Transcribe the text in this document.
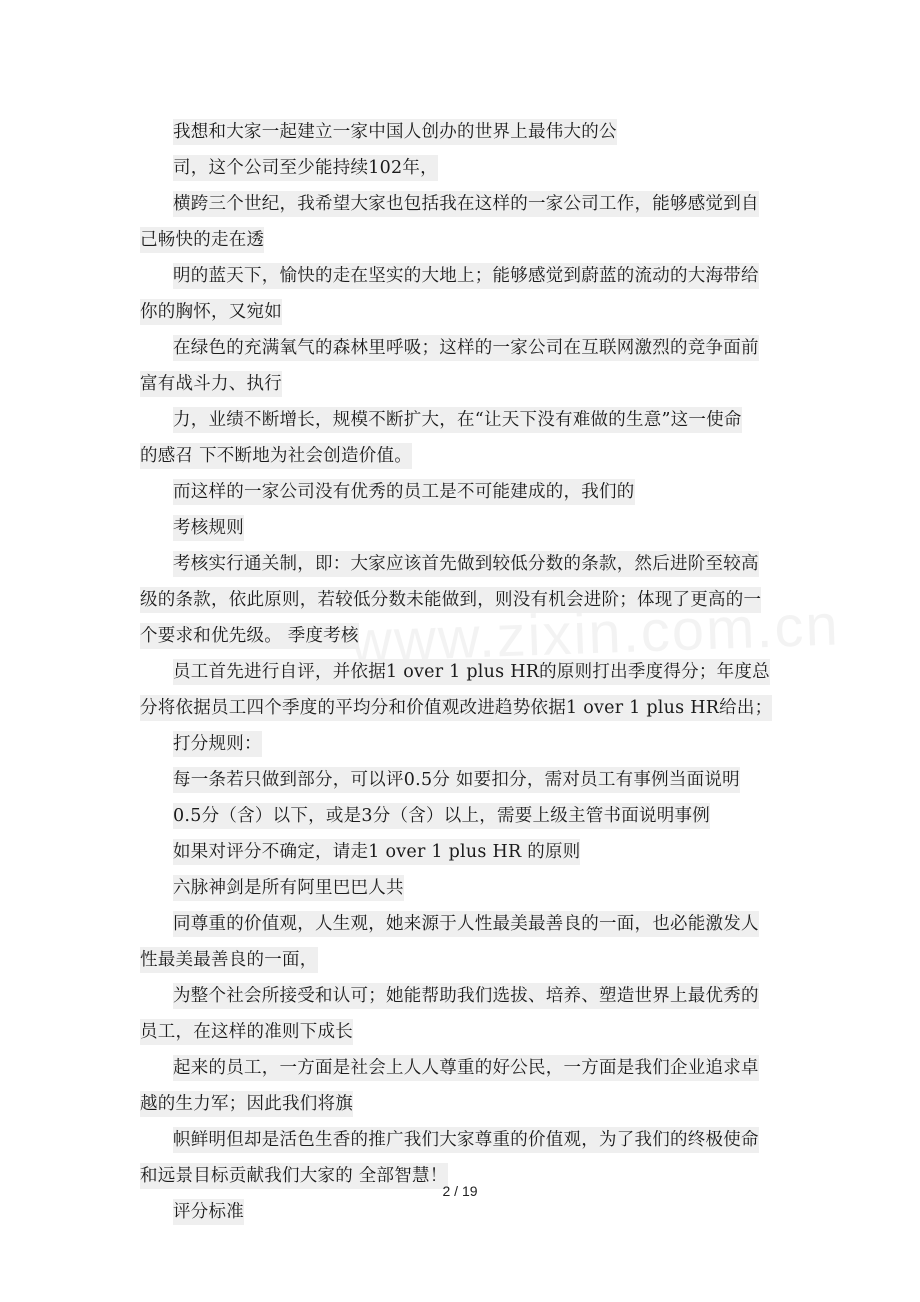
我想和大家一起建立一家中国人创办的世界上最伟大的公
司，这个公司至少能持续102年，
横跨三个世纪，我希望大家也包括我在这样的一家公司工作，能够感觉到自
己畅快的走在透
明的蓝天下，愉快的走在坚实的大地上；能够感觉到蔚蓝的流动的大海带给
你的胸怀，又宛如
在绿色的充满氧气的森林里呼吸；这样的一家公司在互联网激烈的竞争面前
富有战斗力、执行
力，业绩不断增长，规模不断扩大，在“让天下没有难做的生意”这一使命
的感召 下不断地为社会创造价值。
而这样的一家公司没有优秀的员工是不可能建成的，我们的
考核规则
考核实行通关制，即：大家应该首先做到较低分数的条款，然后进阶至较高
级的条款，依此原则，若较低分数未能做到，则没有机会进阶；体现了更高的一
个要求和优先级。 季度考核
员工首先进行自评，并依据1 over 1 plus HR的原则打出季度得分；年度总
分将依据员工四个季度的平均分和价值观改进趋势依据1 over 1 plus HR给出；
打分规则：
每一条若只做到部分，可以评0.5分 如要扣分，需对员工有事例当面说明
0.5分（含）以下，或是3分（含）以上，需要上级主管书面说明事例
如果对评分不确定，请走1 over 1 plus HR 的原则
六脉神剑是所有阿里巴巴人共
同尊重的价值观，人生观，她来源于人性最美最善良的一面，也必能激发人
性最美最善良的一面，
为整个社会所接受和认可；她能帮助我们选拔、培养、塑造世界上最优秀的
员工，在这样的准则下成长
起来的员工，一方面是社会上人人尊重的好公民，一方面是我们企业追求卓
越的生力军；因此我们将旗
帜鲜明但却是活色生香的推广我们大家尊重的价值观，为了我们的终极使命
和远景目标贡献我们大家的 全部智慧！
评分标准
2 / 19
